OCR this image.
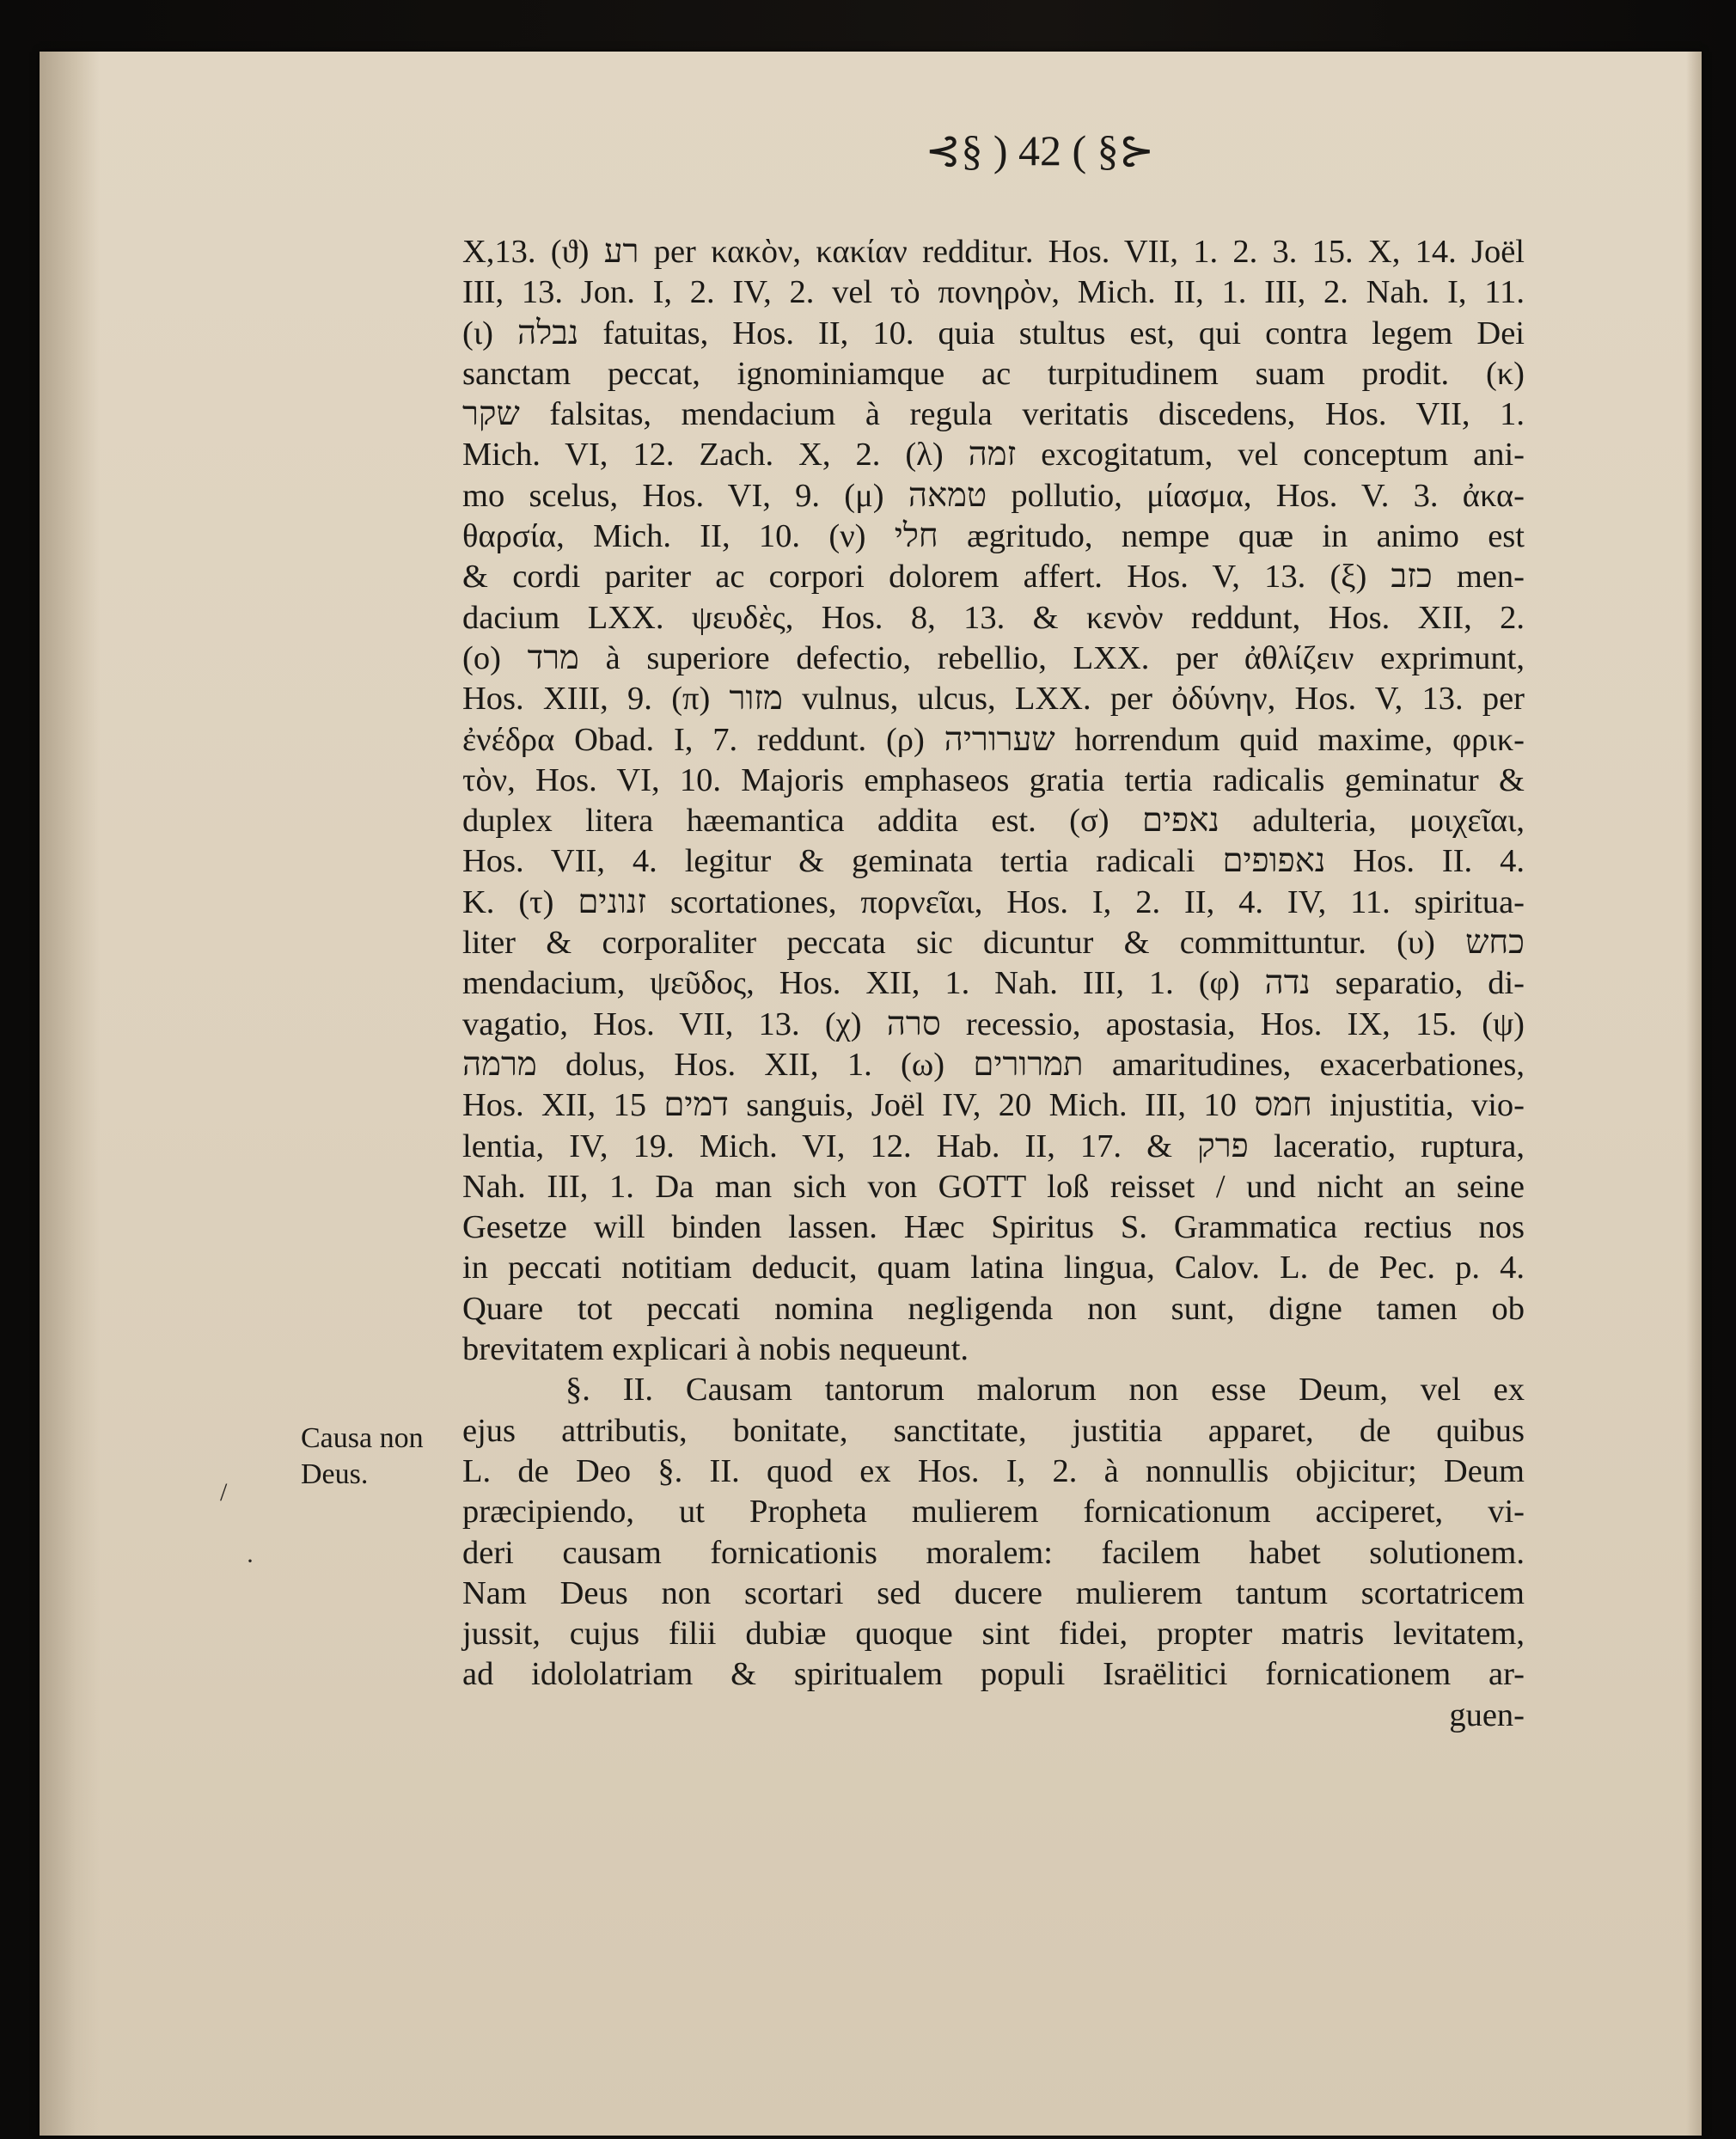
⊰§ ) 42 ( §⊱
X,13. (ϑ) רע per κακὸν, κακίαν redditur. Hos. VII, 1. 2. 3. 15. X, 14. Joël
III, 13. Jon. I, 2. IV, 2. vel τὸ πονηρὸν, Mich. II, 1. III, 2. Nah. I, 11.
(ι) נבלה fatuitas, Hos. II, 10. quia stultus est, qui contra legem Dei
sanctam peccat, ignominiamque ac turpitudinem suam prodit. (κ)
שקר falsitas, mendacium à regula veritatis discedens, Hos. VII, 1.
Mich. VI, 12. Zach. X, 2. (λ) זמה excogitatum, vel conceptum ani-
mo scelus, Hos. VI, 9. (μ) טמאה pollutio, μίασμα, Hos. V. 3. ἀκα-
θαρσία, Mich. II, 10. (ν) חלי ægritudo, nempe quæ in animo est
& cordi pariter ac corpori dolorem affert. Hos. V, 13. (ξ) כזב men-
dacium LXX. ψευδὲς, Hos. 8, 13. & κενὸν reddunt, Hos. XII, 2.
(ο) מרד à superiore defectio, rebellio, LXX. per ἀθλίζειν exprimunt,
Hos. XIII, 9. (π) מזור vulnus, ulcus, LXX. per ὀδύνην, Hos. V, 13. per
ἐνέδρα Obad. I, 7. reddunt. (ρ) שערוריה horrendum quid maxime, φρικ-
τὸν, Hos. VI, 10. Majoris emphaseos gratia tertia radicalis geminatur &
duplex litera hæemantica addita est. (σ) נאפים adulteria, μοιχεῖαι,
Hos. VII, 4. legitur & geminata tertia radicali נאפופים Hos. II. 4.
K. (τ) זנונים scortationes, πορνεῖαι, Hos. I, 2. II, 4. IV, 11. spiritua-
liter & corporaliter peccata sic dicuntur & committuntur. (υ) כחש
mendacium, ψεῦδος, Hos. XII, 1. Nah. III, 1. (φ) נדה separatio, di-
vagatio, Hos. VII, 13. (χ) סרה recessio, apostasia, Hos. IX, 15. (ψ)
מרמה dolus, Hos. XII, 1. (ω) תמרורים amaritudines, exacerbationes,
Hos. XII, 15 דמים sanguis, Joël IV, 20 Mich. III, 10 חמס injustitia, vio-
lentia, IV, 19. Mich. VI, 12. Hab. II, 17. & פרק laceratio, ruptura,
Nah. III, 1. Da man sich von GOTT loß reisset / und nicht an seine
Gesetze will binden lassen. Hæc Spiritus S. Grammatica rectius nos
in peccati notitiam deducit, quam latina lingua, Calov. L. de Pec. p. 4.
Quare tot peccati nomina negligenda non sunt, digne tamen ob
brevitatem explicari à nobis nequeunt.
§. II. Causam tantorum malorum non esse Deum, vel ex
ejus attributis, bonitate, sanctitate, justitia apparet, de quibus
L. de Deo §. II. quod ex Hos. I, 2. à nonnullis objicitur; Deum
præcipiendo, ut Propheta mulierem fornicationum acciperet, vi-
deri causam fornicationis moralem: facilem habet solutionem.
Nam Deus non scortari sed ducere mulierem tantum scortatricem
jussit, cujus filii dubiæ quoque sint fidei, propter matris levitatem,
ad idololatriam & spiritualem populi Israëlitici fornicationem ar-
guen-
Causa non
Deus.
/
·
